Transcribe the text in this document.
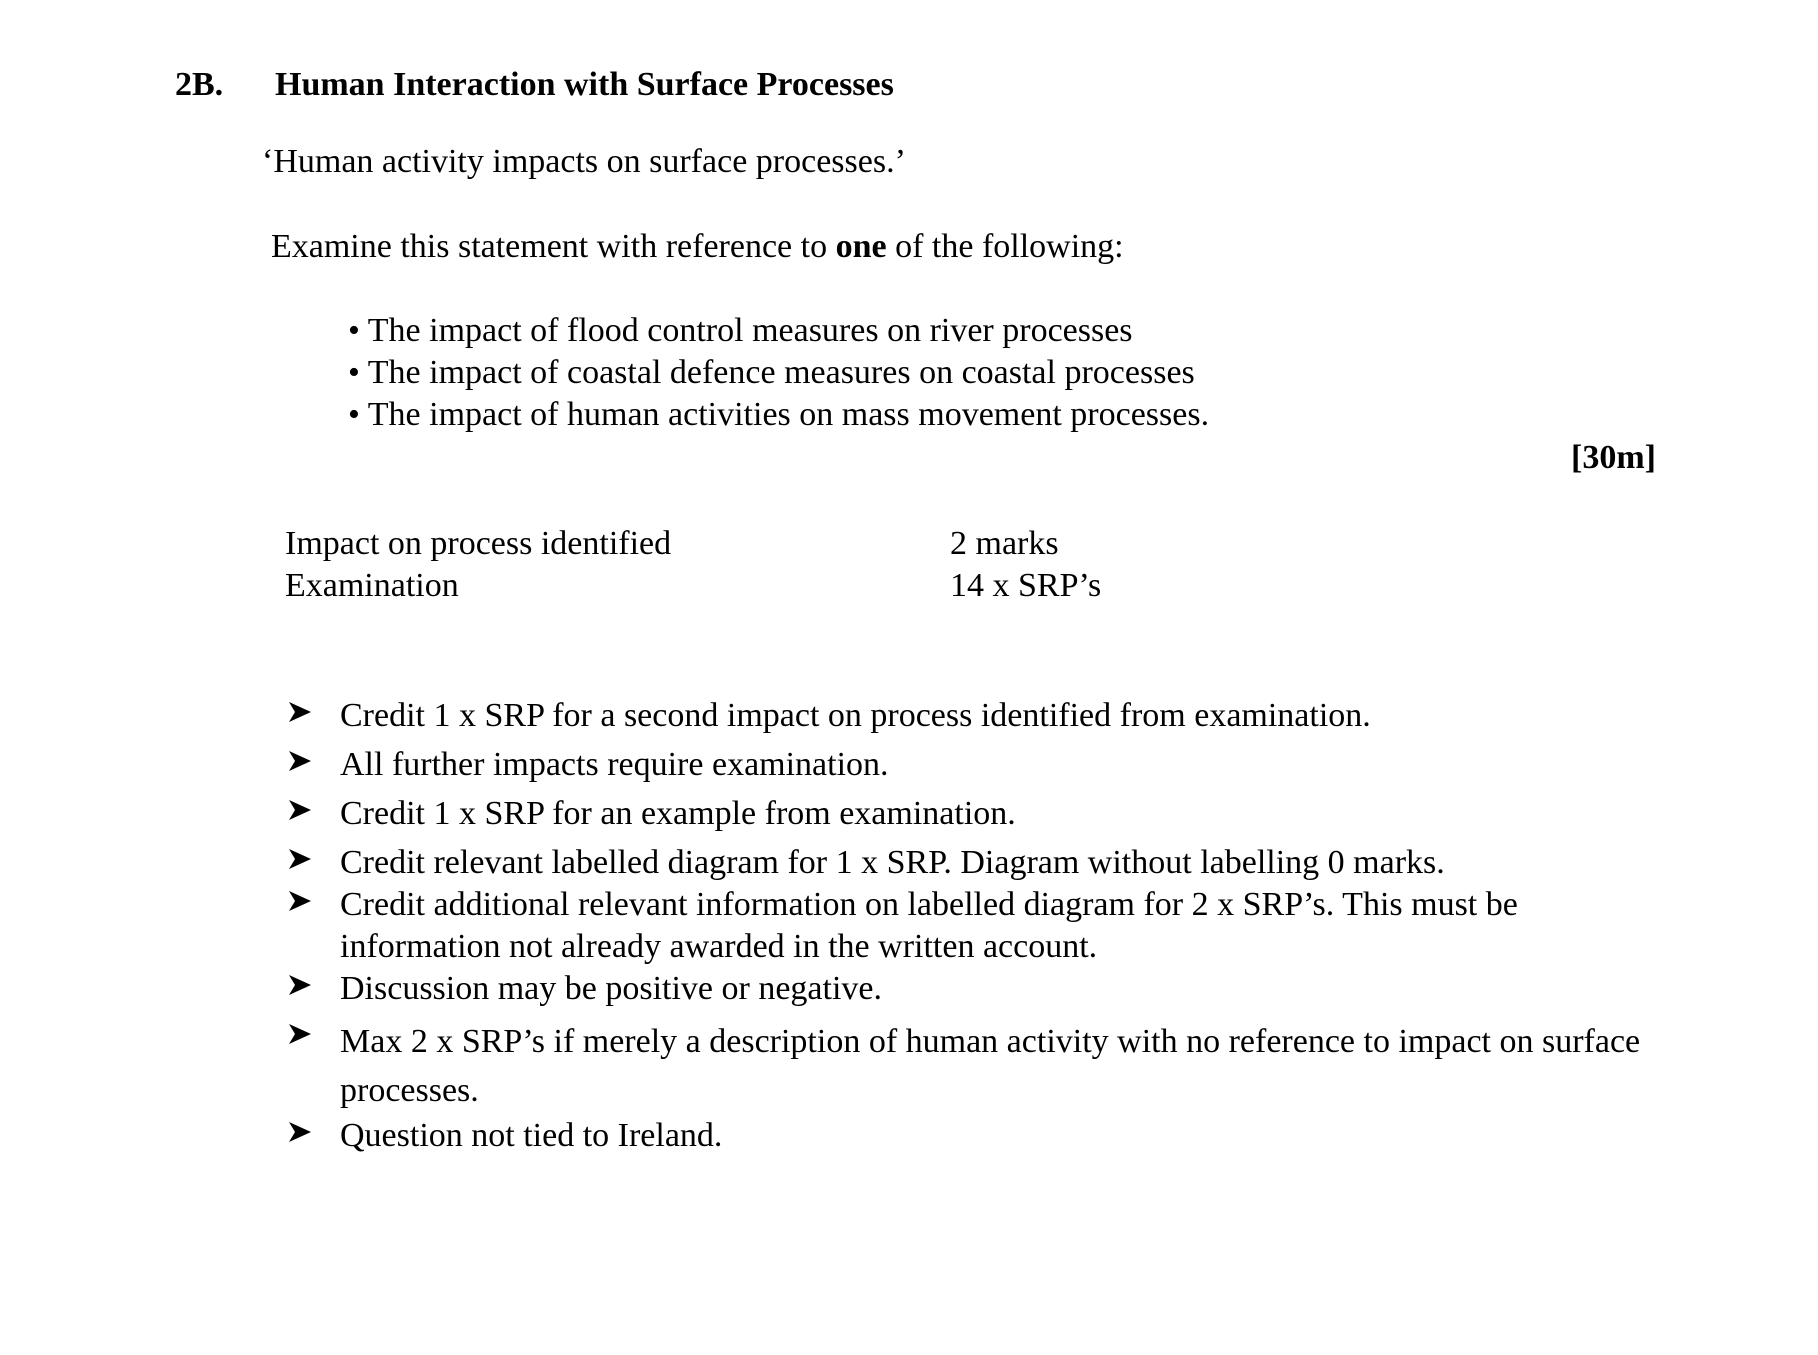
2B. Human Interaction with Surface Processes
‘Human activity impacts on surface processes.’
Examine this statement with reference to one of the following:
• The impact of flood control measures on river processes
• The impact of coastal defence measures on coastal processes
• The impact of human activities on mass movement processes.
[30m]
Impact on process identified	2 marks
Examination	14 x SRP’s
Credit 1 x SRP for a second impact on process identified from examination.
All further impacts require examination.
Credit 1 x SRP for an example from examination.
Credit relevant labelled diagram for 1 x SRP. Diagram without labelling 0 marks.
Credit additional relevant information on labelled diagram for 2 x SRP’s. This must be information not already awarded in the written account.
Discussion may be positive or negative.
Max 2 x SRP’s if merely a description of human activity with no reference to impact on surface processes.
Question not tied to Ireland.
